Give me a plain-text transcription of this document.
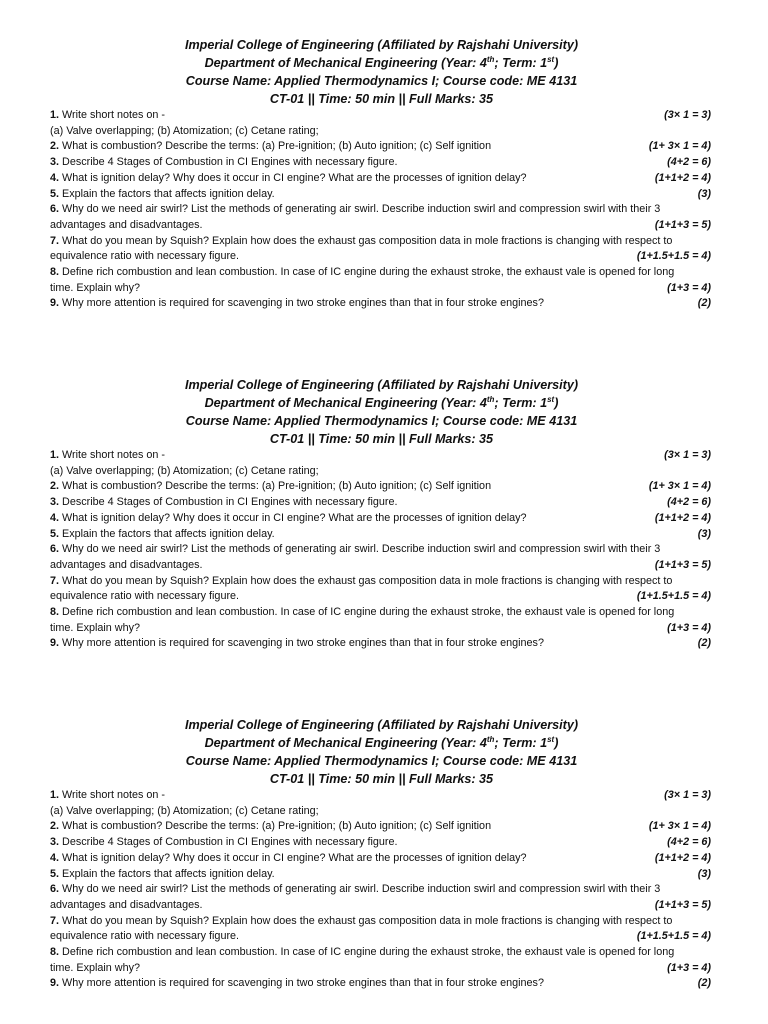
Imperial College of Engineering (Affiliated by Rajshahi University)
Department of Mechanical Engineering (Year: 4th; Term: 1st)
Course Name: Applied Thermodynamics I; Course code: ME 4131
CT-01 || Time: 50 min || Full Marks: 35
1. Write short notes on -	(3× 1 = 3)
(a) Valve overlapping; (b) Atomization; (c) Cetane rating;
2. What is combustion? Describe the terms: (a) Pre-ignition; (b) Auto ignition; (c) Self ignition	(1+ 3× 1 = 4)
3. Describe 4 Stages of Combustion in CI Engines with necessary figure.	(4+2 = 6)
4. What is ignition delay? Why does it occur in CI engine? What are the processes of ignition delay?	(1+1+2 = 4)
5. Explain the factors that affects ignition delay.	(3)
6. Why do we need air swirl? List the methods of generating air swirl. Describe induction swirl and compression swirl with their 3
advantages and disadvantages.	(1+1+3 = 5)
7. What do you mean by Squish? Explain how does the exhaust gas composition data in mole fractions is changing with respect to
equivalence ratio with necessary figure.	(1+1.5+1.5 = 4)
8. Define rich combustion and lean combustion. In case of IC engine during the exhaust stroke, the exhaust vale is opened for long
time. Explain why?	(1+3 = 4)
9. Why more attention is required for scavenging in two stroke engines than that in four stroke engines?	(2)
Imperial College of Engineering (Affiliated by Rajshahi University)
Department of Mechanical Engineering (Year: 4th; Term: 1st)
Course Name: Applied Thermodynamics I; Course code: ME 4131
CT-01 || Time: 50 min || Full Marks: 35
1. Write short notes on -	(3× 1 = 3)
(a) Valve overlapping; (b) Atomization; (c) Cetane rating;
2. What is combustion? Describe the terms: (a) Pre-ignition; (b) Auto ignition; (c) Self ignition	(1+ 3× 1 = 4)
3. Describe 4 Stages of Combustion in CI Engines with necessary figure.	(4+2 = 6)
4. What is ignition delay? Why does it occur in CI engine? What are the processes of ignition delay?	(1+1+2 = 4)
5. Explain the factors that affects ignition delay.	(3)
6. Why do we need air swirl? List the methods of generating air swirl. Describe induction swirl and compression swirl with their 3
advantages and disadvantages.	(1+1+3 = 5)
7. What do you mean by Squish? Explain how does the exhaust gas composition data in mole fractions is changing with respect to
equivalence ratio with necessary figure.	(1+1.5+1.5 = 4)
8. Define rich combustion and lean combustion. In case of IC engine during the exhaust stroke, the exhaust vale is opened for long
time. Explain why?	(1+3 = 4)
9. Why more attention is required for scavenging in two stroke engines than that in four stroke engines?	(2)
Imperial College of Engineering (Affiliated by Rajshahi University)
Department of Mechanical Engineering (Year: 4th; Term: 1st)
Course Name: Applied Thermodynamics I; Course code: ME 4131
CT-01 || Time: 50 min || Full Marks: 35
1. Write short notes on -	(3× 1 = 3)
(a) Valve overlapping; (b) Atomization; (c) Cetane rating;
2. What is combustion? Describe the terms: (a) Pre-ignition; (b) Auto ignition; (c) Self ignition	(1+ 3× 1 = 4)
3. Describe 4 Stages of Combustion in CI Engines with necessary figure.	(4+2 = 6)
4. What is ignition delay? Why does it occur in CI engine? What are the processes of ignition delay?	(1+1+2 = 4)
5. Explain the factors that affects ignition delay.	(3)
6. Why do we need air swirl? List the methods of generating air swirl. Describe induction swirl and compression swirl with their 3
advantages and disadvantages.	(1+1+3 = 5)
7. What do you mean by Squish? Explain how does the exhaust gas composition data in mole fractions is changing with respect to
equivalence ratio with necessary figure.	(1+1.5+1.5 = 4)
8. Define rich combustion and lean combustion. In case of IC engine during the exhaust stroke, the exhaust vale is opened for long
time. Explain why?	(1+3 = 4)
9. Why more attention is required for scavenging in two stroke engines than that in four stroke engines?	(2)
